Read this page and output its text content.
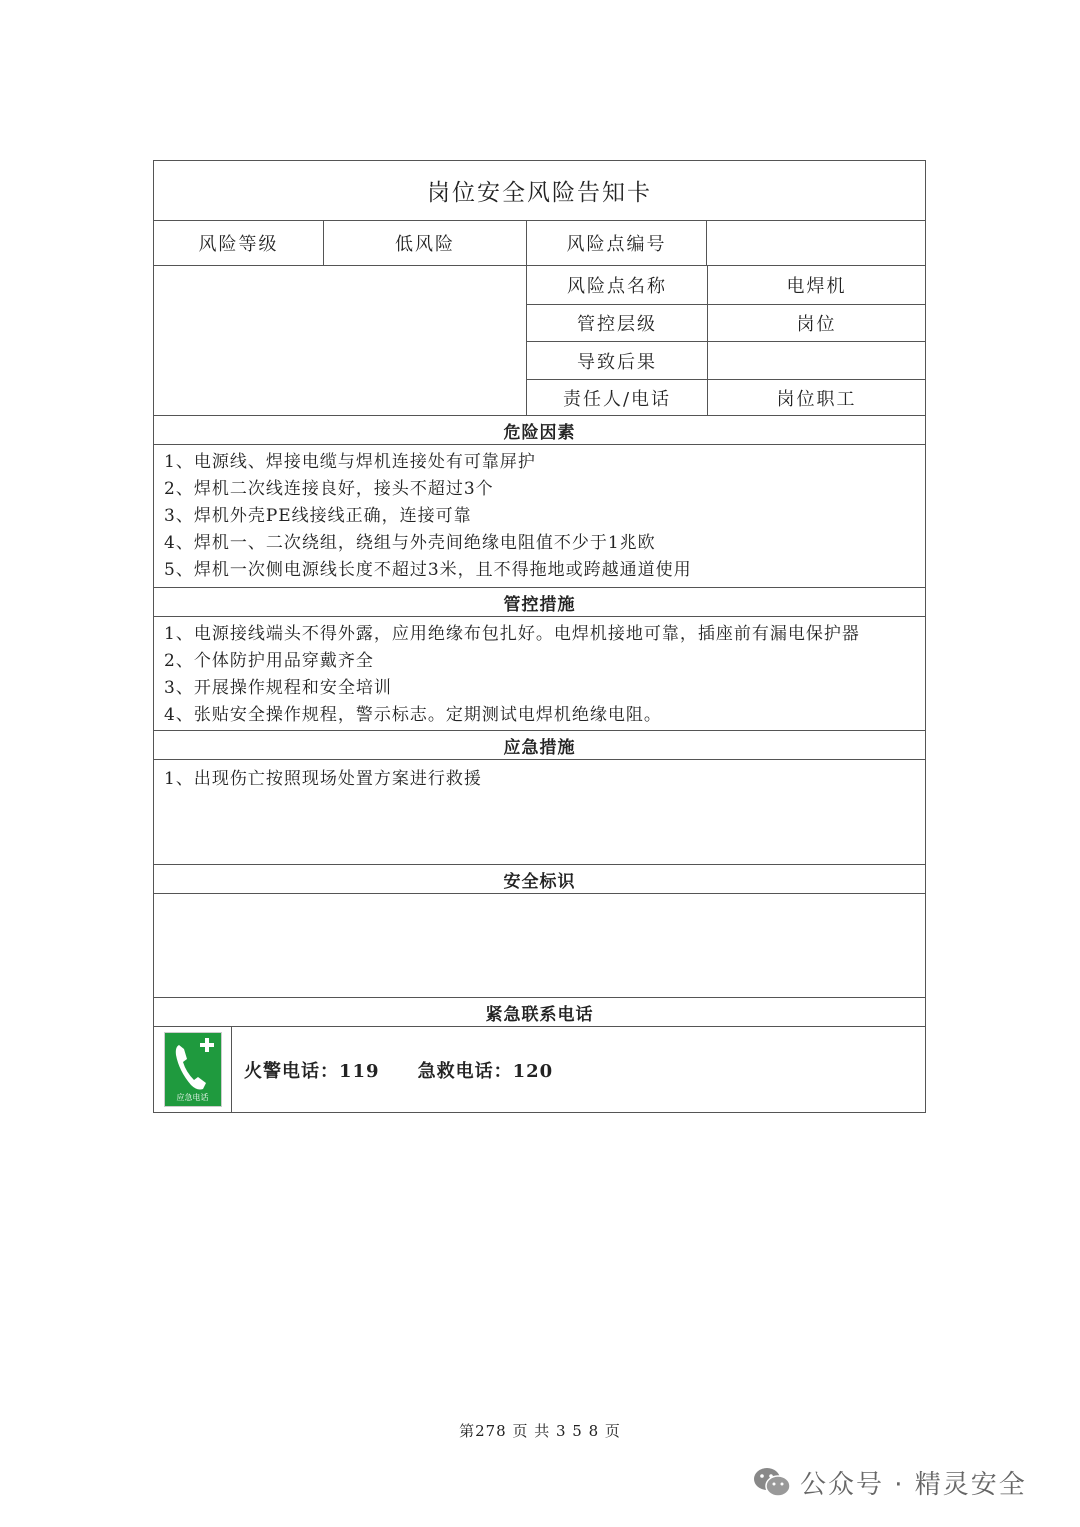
岗位安全风险告知卡
风险等级	低风险	风险点编号
风险点名称	电焊机
管控层级	岗位
导致后果
责任人/电话	岗位职工
危险因素
1、电源线、焊接电缆与焊机连接处有可靠屏护
2、焊机二次线连接良好，接头不超过3个
3、焊机外壳PE线接线正确，连接可靠
4、焊机一、二次绕组，绕组与外壳间绝缘电阻值不少于1兆欧
5、焊机一次侧电源线长度不超过3米，且不得拖地或跨越通道使用
管控措施
1、电源接线端头不得外露，应用绝缘布包扎好。电焊机接地可靠，插座前有漏电保护器
2、个体防护用品穿戴齐全
3、开展操作规程和安全培训
4、张贴安全操作规程，警示标志。定期测试电焊机绝缘电阻。
应急措施
1、出现伤亡按照现场处置方案进行救援
安全标识
紧急联系电话
应急电话
火警电话：119　　急救电话：120
第278 页 共 3 5 8 页
公众号 · 精灵安全
